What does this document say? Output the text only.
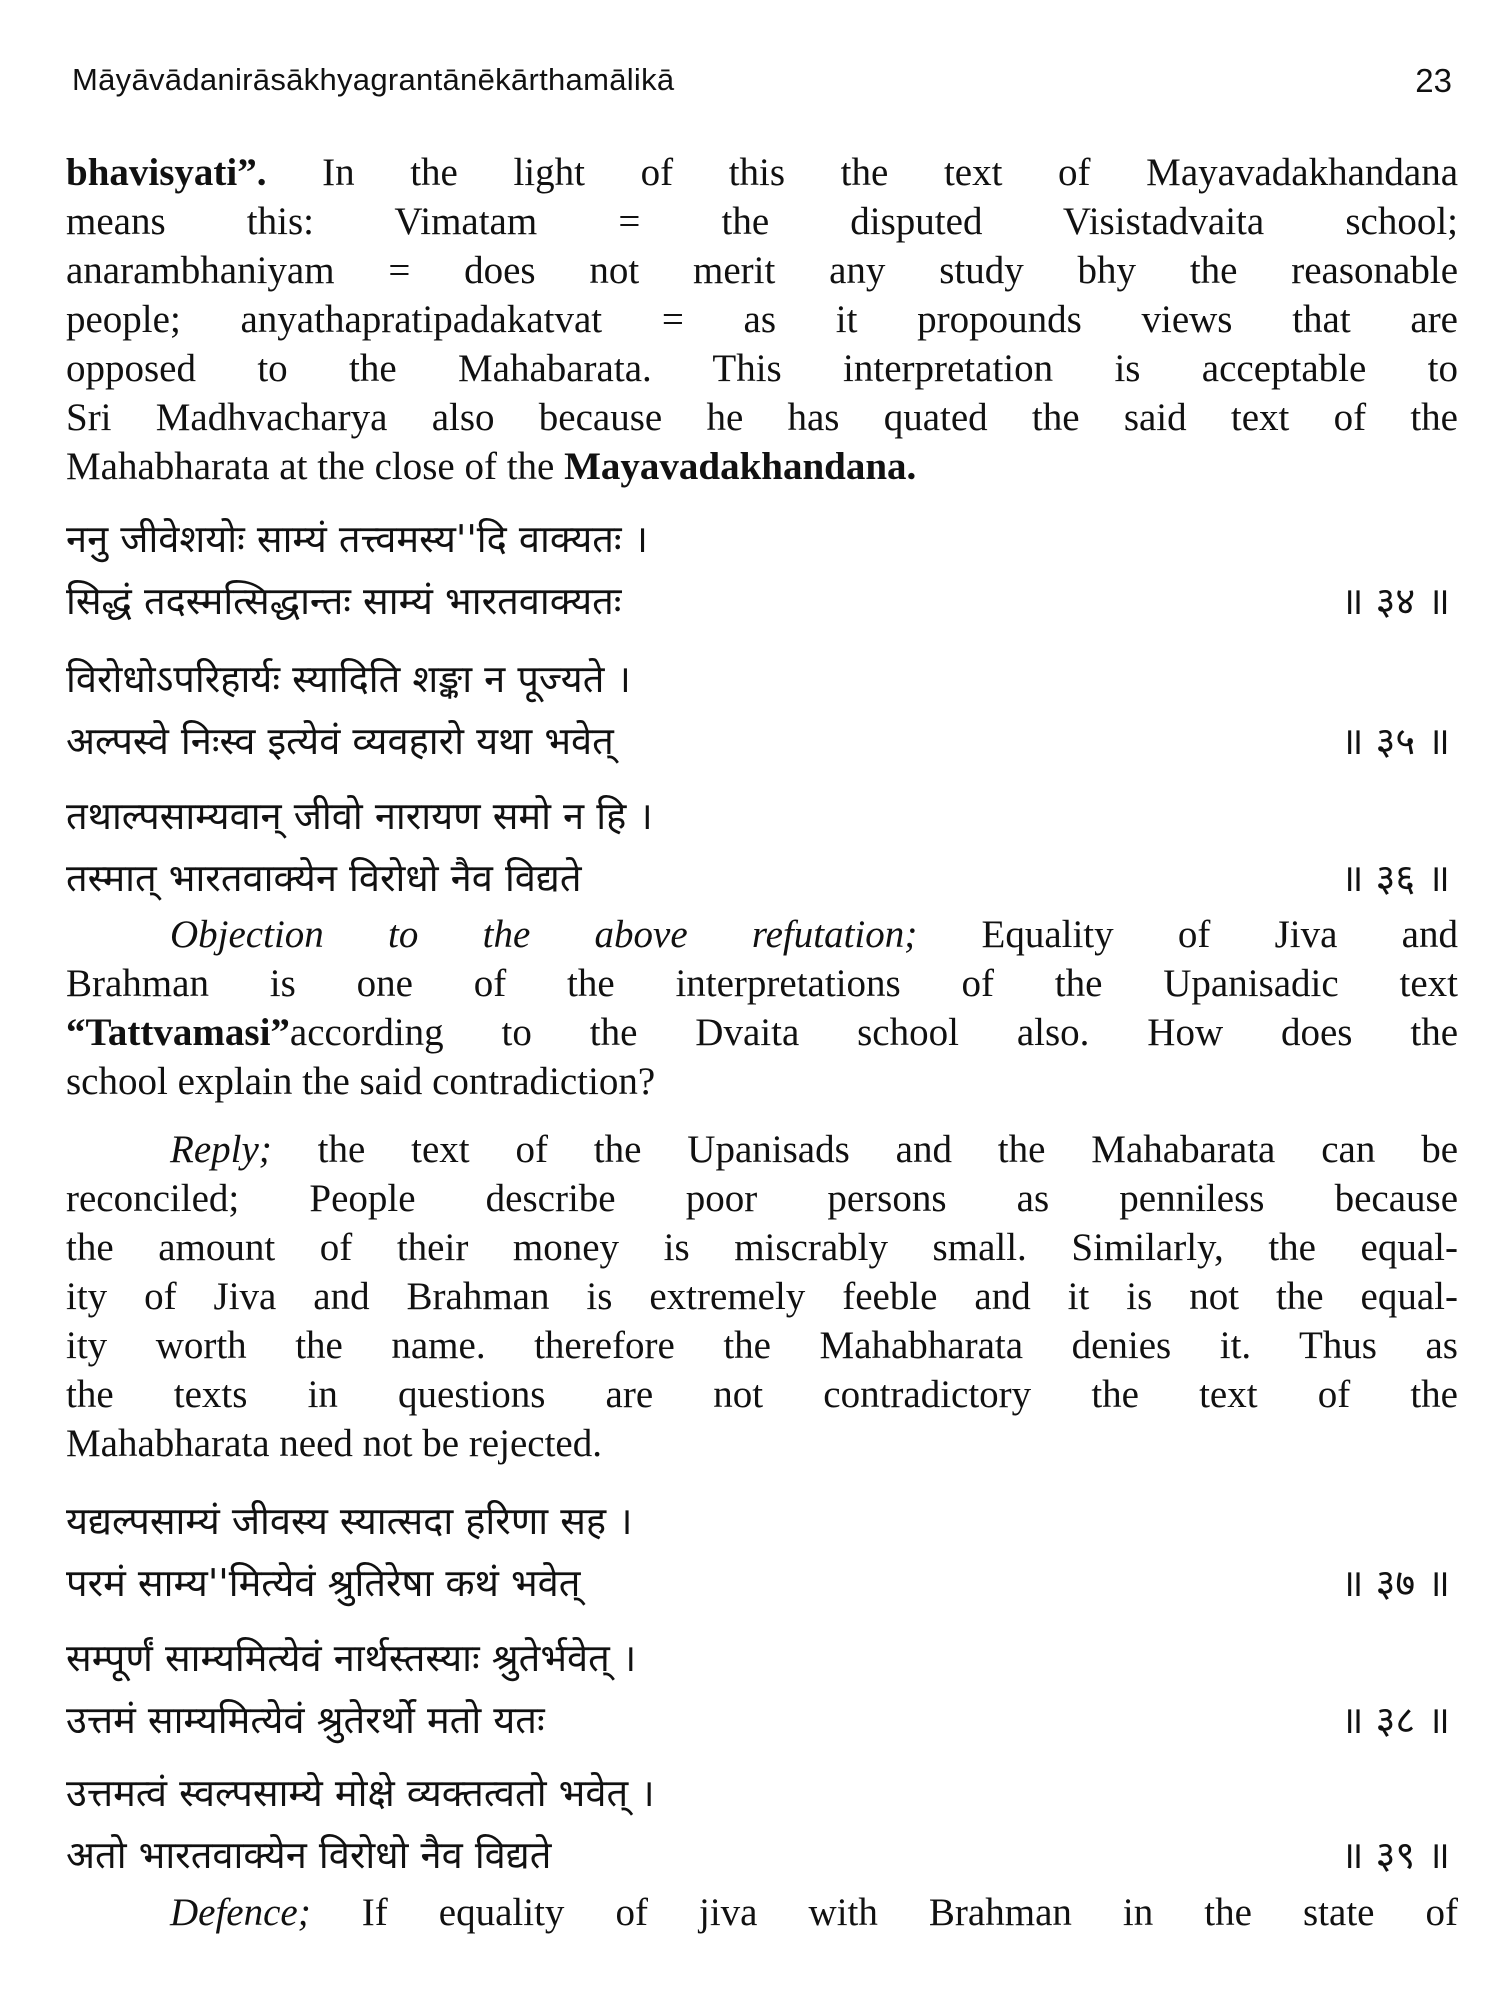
Māyāvādanirāsākhyagrantānēkārthamālikā	23
bhavisyati”. In the light of this the text of Mayavadakhandana
means this: Vimatam = the disputed Visistadvaita school;
anarambhaniyam = does not merit any study bhy the reasonable
people; anyathapratipadakatvat = as it propounds views that are
opposed to the Mahabarata. This interpretation is acceptable to
Sri Madhvacharya also because he has quated the said text of the
Mahabharata at the close of the Mayavadakhandana.
ननु जीवेशयोः साम्यं तत्त्वमस्य''दि वाक्यतः ।
सिद्धं तदस्मत्सिद्धान्तः साम्यं भारतवाक्यतः	॥ ३४ ॥
विरोधोऽपरिहार्यः स्यादिति शङ्का न पूज्यते ।
अल्पस्वे निःस्व इत्येवं व्यवहारो यथा भवेत्	॥ ३५ ॥
तथाल्पसाम्यवान् जीवो नारायण समो न हि ।
तस्मात् भारतवाक्येन विरोधो नैव विद्यते	॥ ३६ ॥
Objection to the above refutation; Equality of Jiva and
Brahman is one of the interpretations of the Upanisadic text
“Tattvamasi”according to the Dvaita school also. How does the
school explain the said contradiction?
Reply; the text of the Upanisads and the Mahabarata can be
reconciled; People describe poor persons as penniless because
the amount of their money is miscrably small. Similarly, the equal-
ity of Jiva and Brahman is extremely feeble and it is not the equal-
ity worth the name. therefore the Mahabharata denies it. Thus as
the texts in questions are not contradictory the text of the
Mahabharata need not be rejected.
यद्यल्पसाम्यं जीवस्य स्यात्सदा हरिणा सह ।
परमं साम्य''मित्येवं श्रुतिरेषा कथं भवेत्	॥ ३७ ॥
सम्पूर्णं साम्यमित्येवं नार्थस्तस्याः श्रुतेर्भवेत् ।
उत्तमं साम्यमित्येवं श्रुतेरर्थो मतो यतः	॥ ३८ ॥
उत्तमत्वं स्वल्पसाम्ये मोक्षे व्यक्तत्वतो भवेत् ।
अतो भारतवाक्येन विरोधो नैव विद्यते	॥ ३९ ॥
Defence; If equality of jiva with Brahman in the state of
